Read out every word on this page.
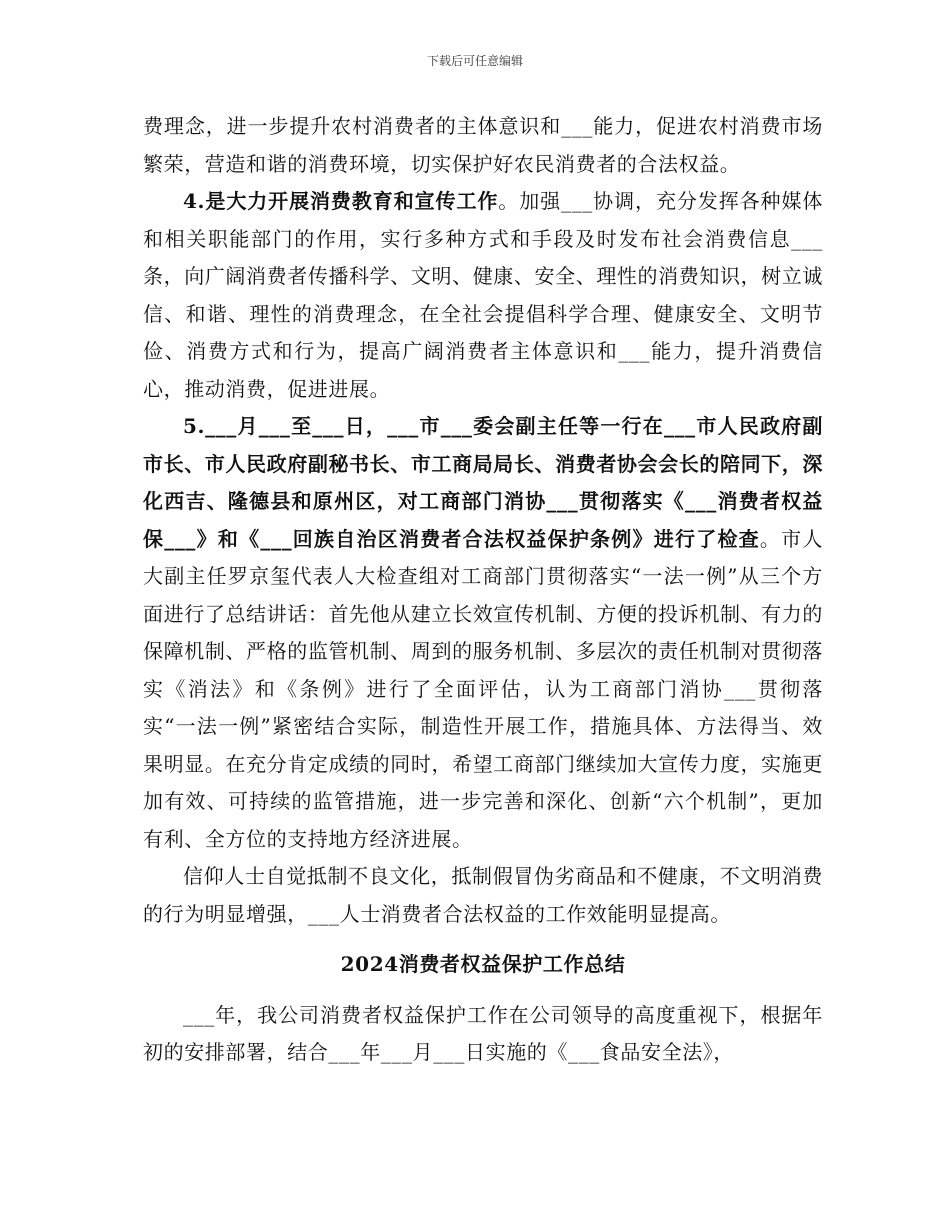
下载后可任意编辑

费理念，进一步提升农村消费者的主体意识和___能力，促进农村消费市场繁荣，营造和谐的消费环境，切实保护好农民消费者的合法权益。

4.是大力开展消费教育和宣传工作。加强___协调，充分发挥各种媒体和相关职能部门的作用，实行多种方式和手段及时发布社会消费信息___条，向广阔消费者传播科学、文明、健康、安全、理性的消费知识，树立诚信、和谐、理性的消费理念，在全社会提倡科学合理、健康安全、文明节俭、消费方式和行为，提高广阔消费者主体意识和___能力，提升消费信心，推动消费，促进进展。

5.___月___至___日，___市___委会副主任等一行在___市人民政府副市长、市人民政府副秘书长、市工商局局长、消费者协会会长的陪同下，深化西吉、隆德县和原州区，对工商部门消协___贯彻落实《___消费者权益保___》和《___回族自治区消费者合法权益保护条例》进行了检查。市人大副主任罗京玺代表人大检查组对工商部门贯彻落实“一法一例”从三个方面进行了总结讲话：首先他从建立长效宣传机制、方便的投诉机制、有力的保障机制、严格的监管机制、周到的服务机制、多层次的责任机制对贯彻落实《消法》和《条例》进行了全面评估，认为工商部门消协___贯彻落实“一法一例”紧密结合实际，制造性开展工作，措施具体、方法得当、效果明显。在充分肯定成绩的同时，希望工商部门继续加大宣传力度，实施更加有效、可持续的监管措施，进一步完善和深化、创新“六个机制”，更加有利、全方位的支持地方经济进展。

信仰人士自觉抵制不良文化，抵制假冒伪劣商品和不健康，不文明消费的行为明显增强，___人士消费者合法权益的工作效能明显提高。

2024消费者权益保护工作总结

___年，我公司消费者权益保护工作在公司领导的高度重视下，根据年初的安排部署，结合___年___月___日实施的《___食品安全法》，
